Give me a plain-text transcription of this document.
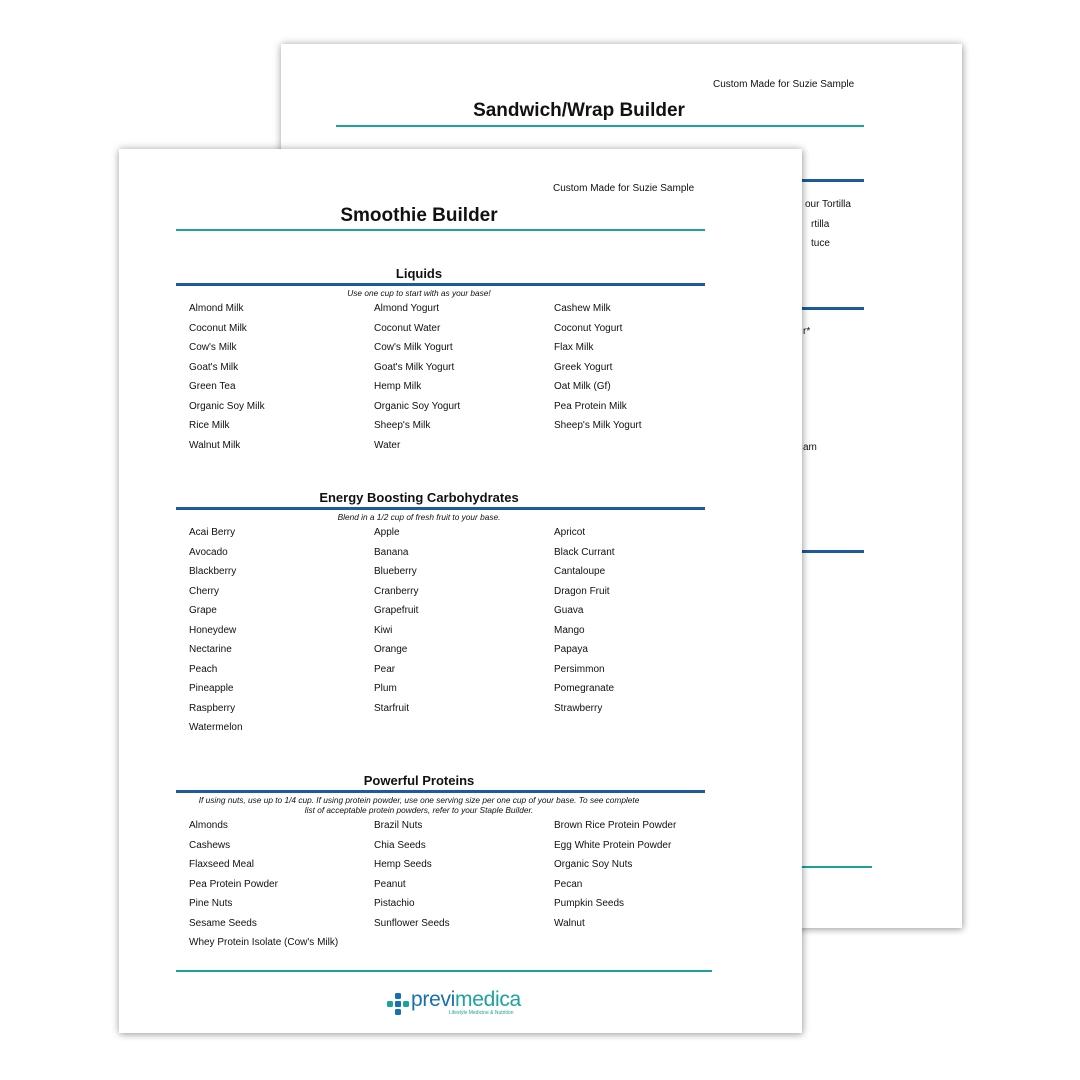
Custom Made for Suzie Sample
Sandwich/Wrap Builder
our Tortilla
rtilla
tuce
r*
am
Custom Made for Suzie Sample
Smoothie Builder
Liquids
Use one cup to start with as your base!
Almond Milk	Almond Yogurt	Cashew Milk
Coconut Milk	Coconut Water	Coconut Yogurt
Cow's Milk	Cow's Milk Yogurt	Flax Milk
Goat's Milk	Goat's Milk Yogurt	Greek Yogurt
Green Tea	Hemp Milk	Oat Milk (Gf)
Organic Soy Milk	Organic Soy Yogurt	Pea Protein Milk
Rice Milk	Sheep's Milk	Sheep's Milk Yogurt
Walnut Milk	Water
Energy Boosting Carbohydrates
Blend in a 1/2 cup of fresh fruit to your base.
Acai Berry	Apple	Apricot
Avocado	Banana	Black Currant
Blackberry	Blueberry	Cantaloupe
Cherry	Cranberry	Dragon Fruit
Grape	Grapefruit	Guava
Honeydew	Kiwi	Mango
Nectarine	Orange	Papaya
Peach	Pear	Persimmon
Pineapple	Plum	Pomegranate
Raspberry	Starfruit	Strawberry
Watermelon
Powerful Proteins
If using nuts, use up to 1/4 cup. If using protein powder, use one serving size per one cup of your base. To see complete
list of acceptable protein powders, refer to your Staple Builder.
Almonds	Brazil Nuts	Brown Rice Protein Powder
Cashews	Chia Seeds	Egg White Protein Powder
Flaxseed Meal	Hemp Seeds	Organic Soy Nuts
Pea Protein Powder	Peanut	Pecan
Pine Nuts	Pistachio	Pumpkin Seeds
Sesame Seeds	Sunflower Seeds	Walnut
Whey Protein Isolate (Cow's Milk)
previmedica
Lifestyle Medicine & Nutrition
